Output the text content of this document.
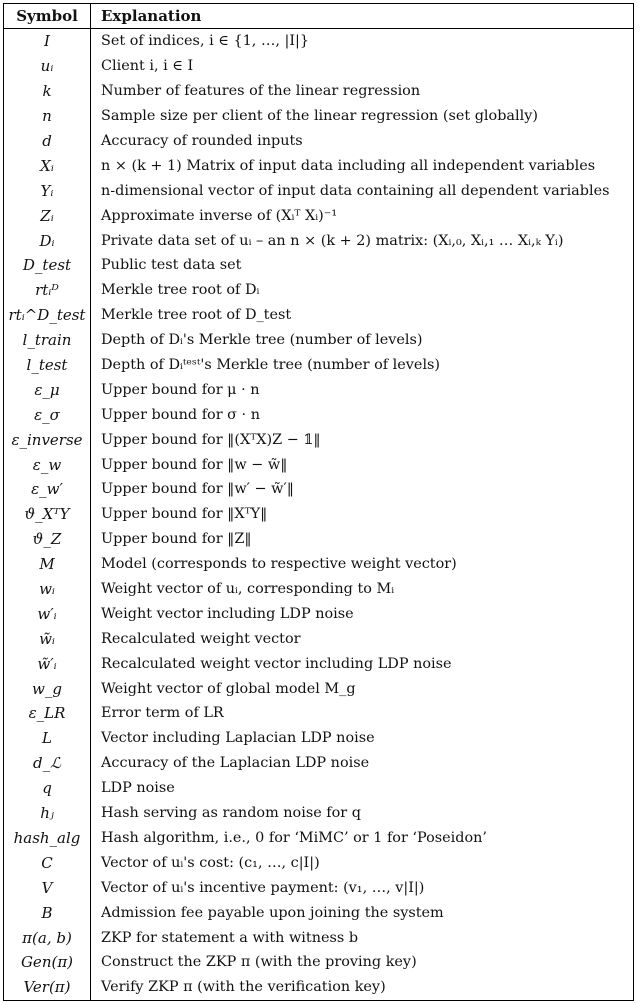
Symbol	Explanation
I	Set of indices, i ∈ {1, …, |I|}
uᵢ	Client i, i ∈ I
k	Number of features of the linear regression
n	Sample size per client of the linear regression (set globally)
d	Accuracy of rounded inputs
Xᵢ	n × (k + 1) Matrix of input data including all independent variables
Yᵢ	n-dimensional vector of input data containing all dependent variables
Zᵢ	Approximate inverse of (Xᵢᵀ Xᵢ)⁻¹
Dᵢ	Private data set of uᵢ – an n × (k + 2) matrix: (Xᵢ,₀, Xᵢ,₁ … Xᵢ,ₖ Yᵢ)
D_test	Public test data set
rtᵢᴰ	Merkle tree root of Dᵢ
rtᵢ^D_test	Merkle tree root of D_test
l_train	Depth of Dᵢ's Merkle tree (number of levels)
l_test	Depth of Dᵢᵗᵉˢᵗ's Merkle tree (number of levels)
ε_μ	Upper bound for μ · n
ε_σ	Upper bound for σ · n
ε_inverse	Upper bound for ‖(XᵀX)Z − 𝟙‖
ε_w	Upper bound for ‖w − w̃‖
ε_w′	Upper bound for ‖w′ − w̃′‖
ϑ_XᵀY	Upper bound for ‖XᵀY‖
ϑ_Z	Upper bound for ‖Z‖
M	Model (corresponds to respective weight vector)
wᵢ	Weight vector of uᵢ, corresponding to Mᵢ
w′ᵢ	Weight vector including LDP noise
w̃ᵢ	Recalculated weight vector
w̃′ᵢ	Recalculated weight vector including LDP noise
w_g	Weight vector of global model M_g
ε_LR	Error term of LR
L	Vector including Laplacian LDP noise
d_ℒ	Accuracy of the Laplacian LDP noise
q	LDP noise
hⱼ	Hash serving as random noise for q
hash_alg	Hash algorithm, i.e., 0 for ‘MiMC’ or 1 for ‘Poseidon’
C	Vector of uᵢ's cost: (c₁, …, c|I|)
V	Vector of uᵢ's incentive payment: (v₁, …, v|I|)
B	Admission fee payable upon joining the system
π(a, b)	ZKP for statement a with witness b
Gen(π)	Construct the ZKP π (with the proving key)
Ver(π)	Verify ZKP π (with the verification key)
